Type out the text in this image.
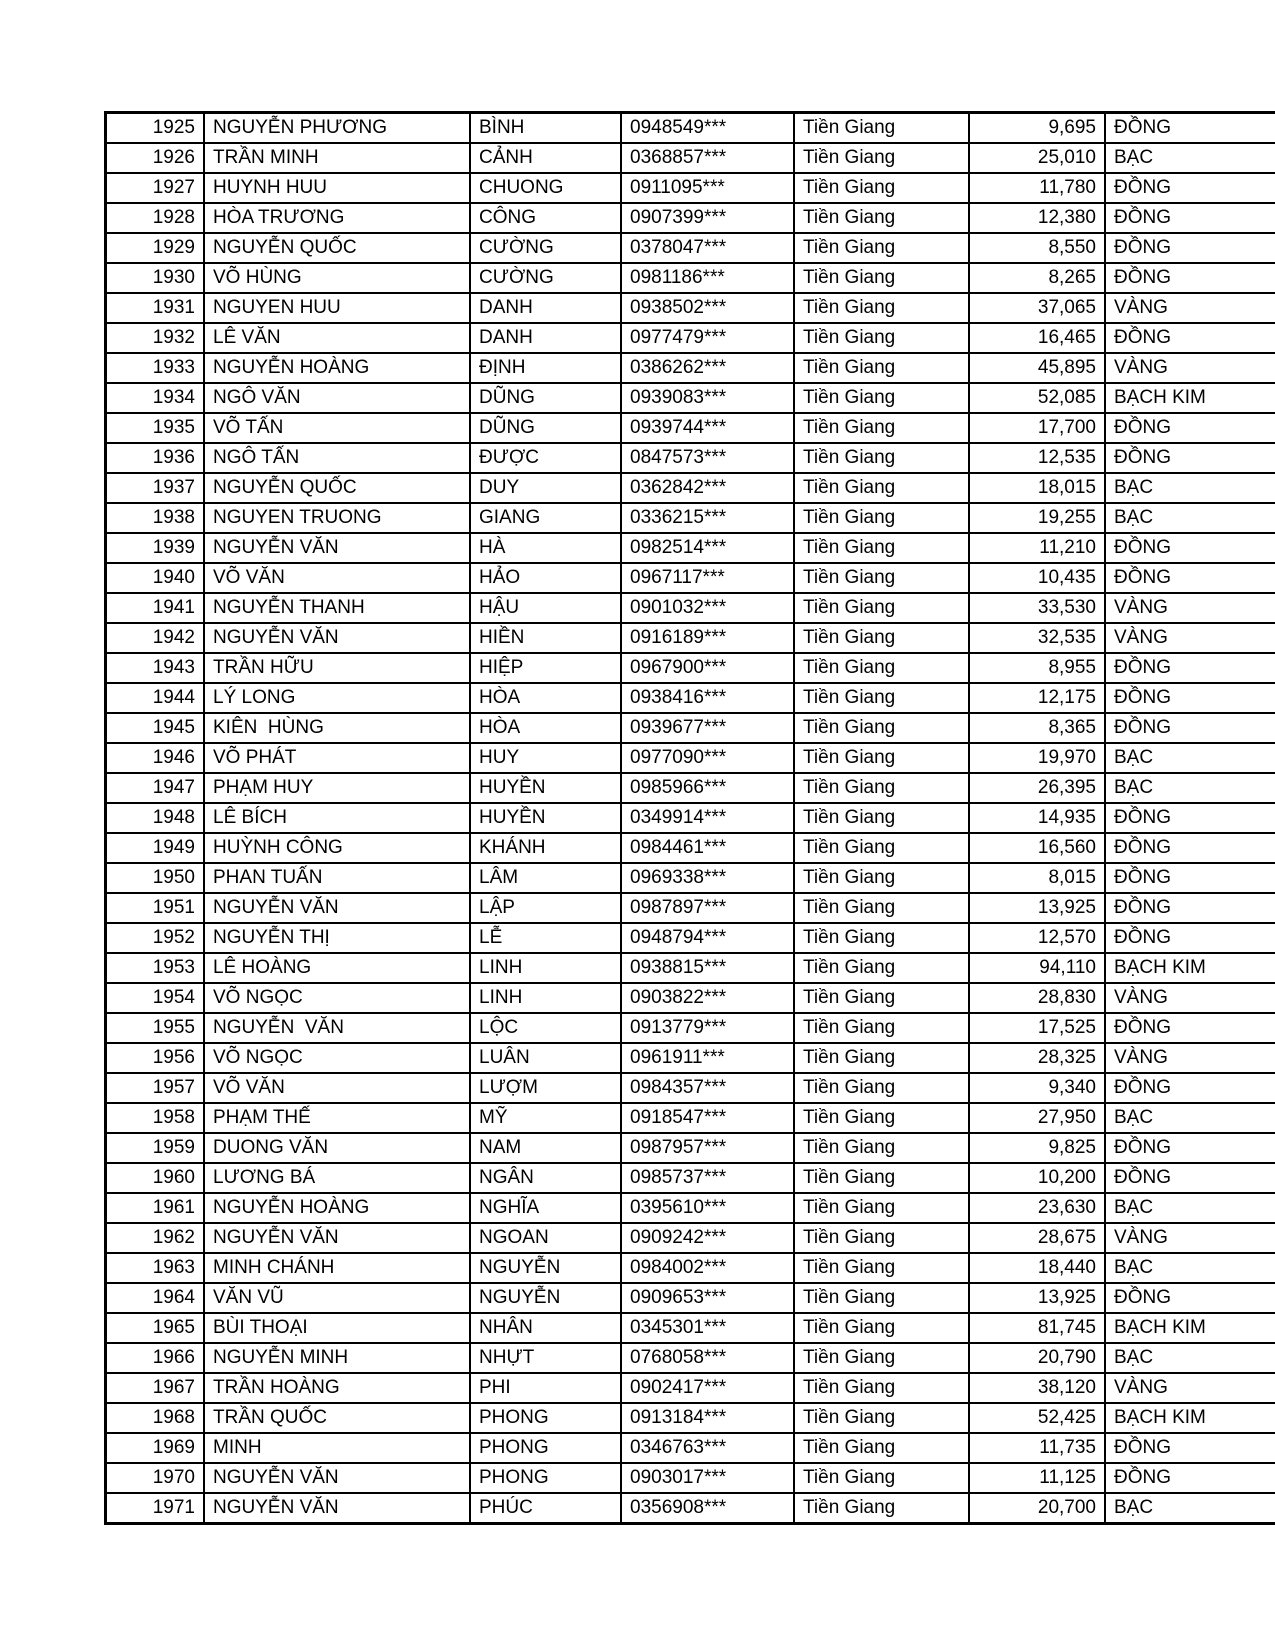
1925	NGUYỄN PHƯƠNG	BÌNH	0948549***	Tiền Giang	9,695	ĐỒNG
1926	TRẦN MINH	CẢNH	0368857***	Tiền Giang	25,010	BẠC
1927	HUYNH HUU	CHUONG	0911095***	Tiền Giang	11,780	ĐỒNG
1928	HÒA TRƯƠNG	CÔNG	0907399***	Tiền Giang	12,380	ĐỒNG
1929	NGUYỄN QUỐC	CƯỜNG	0378047***	Tiền Giang	8,550	ĐỒNG
1930	VÕ HÙNG	CƯỜNG	0981186***	Tiền Giang	8,265	ĐỒNG
1931	NGUYEN HUU	DANH	0938502***	Tiền Giang	37,065	VÀNG
1932	LÊ VĂN	DANH	0977479***	Tiền Giang	16,465	ĐỒNG
1933	NGUYỄN HOÀNG	ĐỊNH	0386262***	Tiền Giang	45,895	VÀNG
1934	NGÔ VĂN	DŨNG	0939083***	Tiền Giang	52,085	BẠCH KIM
1935	VÕ TẤN	DŨNG	0939744***	Tiền Giang	17,700	ĐỒNG
1936	NGÔ TẤN	ĐƯỢC	0847573***	Tiền Giang	12,535	ĐỒNG
1937	NGUYỄN QUỐC	DUY	0362842***	Tiền Giang	18,015	BẠC
1938	NGUYEN TRUONG	GIANG	0336215***	Tiền Giang	19,255	BẠC
1939	NGUYỄN VĂN	HÀ	0982514***	Tiền Giang	11,210	ĐỒNG
1940	VÕ VĂN	HẢO	0967117***	Tiền Giang	10,435	ĐỒNG
1941	NGUYỄN THANH	HẬU	0901032***	Tiền Giang	33,530	VÀNG
1942	NGUYỄN VĂN	HIỀN	0916189***	Tiền Giang	32,535	VÀNG
1943	TRẦN HỮU	HIỆP	0967900***	Tiền Giang	8,955	ĐỒNG
1944	LÝ LONG	HÒA	0938416***	Tiền Giang	12,175	ĐỒNG
1945	KIÊN  HÙNG	HÒA	0939677***	Tiền Giang	8,365	ĐỒNG
1946	VÕ PHÁT	HUY	0977090***	Tiền Giang	19,970	BẠC
1947	PHẠM HUY	HUYỀN	0985966***	Tiền Giang	26,395	BẠC
1948	LÊ BÍCH	HUYỀN	0349914***	Tiền Giang	14,935	ĐỒNG
1949	HUỲNH CÔNG	KHÁNH	0984461***	Tiền Giang	16,560	ĐỒNG
1950	PHAN TUẤN	LÂM	0969338***	Tiền Giang	8,015	ĐỒNG
1951	NGUYỄN VĂN	LẬP	0987897***	Tiền Giang	13,925	ĐỒNG
1952	NGUYỄN THỊ	LỄ	0948794***	Tiền Giang	12,570	ĐỒNG
1953	LÊ HOÀNG	LINH	0938815***	Tiền Giang	94,110	BẠCH KIM
1954	VÕ NGỌC	LINH	0903822***	Tiền Giang	28,830	VÀNG
1955	NGUYỄN  VĂN	LỘC	0913779***	Tiền Giang	17,525	ĐỒNG
1956	VÕ NGỌC	LUÂN	0961911***	Tiền Giang	28,325	VÀNG
1957	VÕ VĂN	LƯỢM	0984357***	Tiền Giang	9,340	ĐỒNG
1958	PHẠM THẾ	MỸ	0918547***	Tiền Giang	27,950	BẠC
1959	DUONG VĂN	NAM	0987957***	Tiền Giang	9,825	ĐỒNG
1960	LƯƠNG BÁ	NGÂN	0985737***	Tiền Giang	10,200	ĐỒNG
1961	NGUYỄN HOÀNG	NGHĨA	0395610***	Tiền Giang	23,630	BẠC
1962	NGUYỄN VĂN	NGOAN	0909242***	Tiền Giang	28,675	VÀNG
1963	MINH CHÁNH	NGUYỄN	0984002***	Tiền Giang	18,440	BẠC
1964	VĂN VŨ	NGUYỄN	0909653***	Tiền Giang	13,925	ĐỒNG
1965	BÙI THOẠI	NHÂN	0345301***	Tiền Giang	81,745	BẠCH KIM
1966	NGUYỄN MINH	NHỰT	0768058***	Tiền Giang	20,790	BẠC
1967	TRẦN HOÀNG	PHI	0902417***	Tiền Giang	38,120	VÀNG
1968	TRẦN QUỐC	PHONG	0913184***	Tiền Giang	52,425	BẠCH KIM
1969	MINH	PHONG	0346763***	Tiền Giang	11,735	ĐỒNG
1970	NGUYỄN VĂN	PHONG	0903017***	Tiền Giang	11,125	ĐỒNG
1971	NGUYỄN VĂN	PHÚC	0356908***	Tiền Giang	20,700	BẠC
